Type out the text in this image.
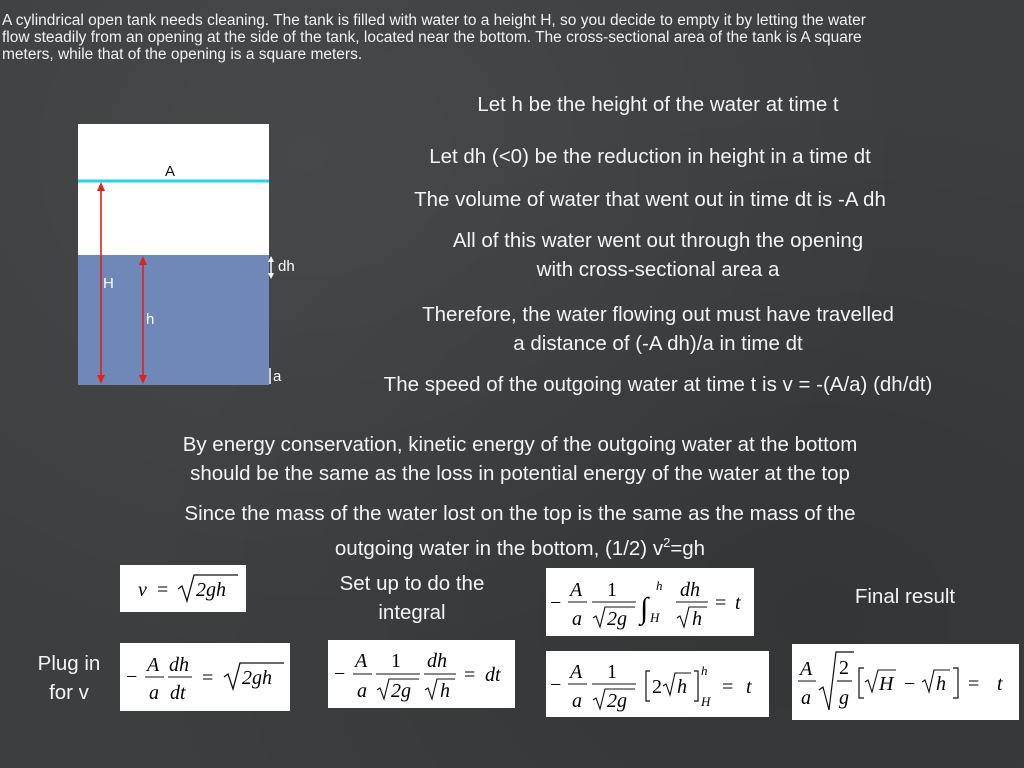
A cylindrical open tank needs cleaning. The tank is filled with water to a height H, so you decide to empty it by letting the water
flow steadily from an opening at the side of the tank, located near the bottom. The cross-sectional area of the tank is A square
meters, while that of the opening is a square meters.
A
H
h
dh
a
Let h be the height of the water at time t
Let dh (<0) be the reduction in height in a time dt
The volume of water that went out in time dt is -A dh
All of this water went out through the opening
with cross-sectional area a
Therefore, the water flowing out must have travelled
a distance of (-A dh)/a in time dt
The speed of the outgoing water at time t is v = -(A/a) (dh/dt)
By energy conservation, kinetic energy of the outgoing water at the bottom
should be the same as the loss in potential energy of the water at the top
Since the mass of the water lost on the top is the same as the mass of the
outgoing water in the bottom, (1/2) $v^2=gh$
Set up to do the
integral
Final result
Plug in
for v
v = 2gh
−
A
a
dh
dt
= 2gh	−
A
a
1
2g
dh
h
= dt
−
A
a
1
2g ∫
h
H
dh
h
= t
−
A
a
1
2g
2 h
h
H
= t
A
a
2
g
H − h = t
